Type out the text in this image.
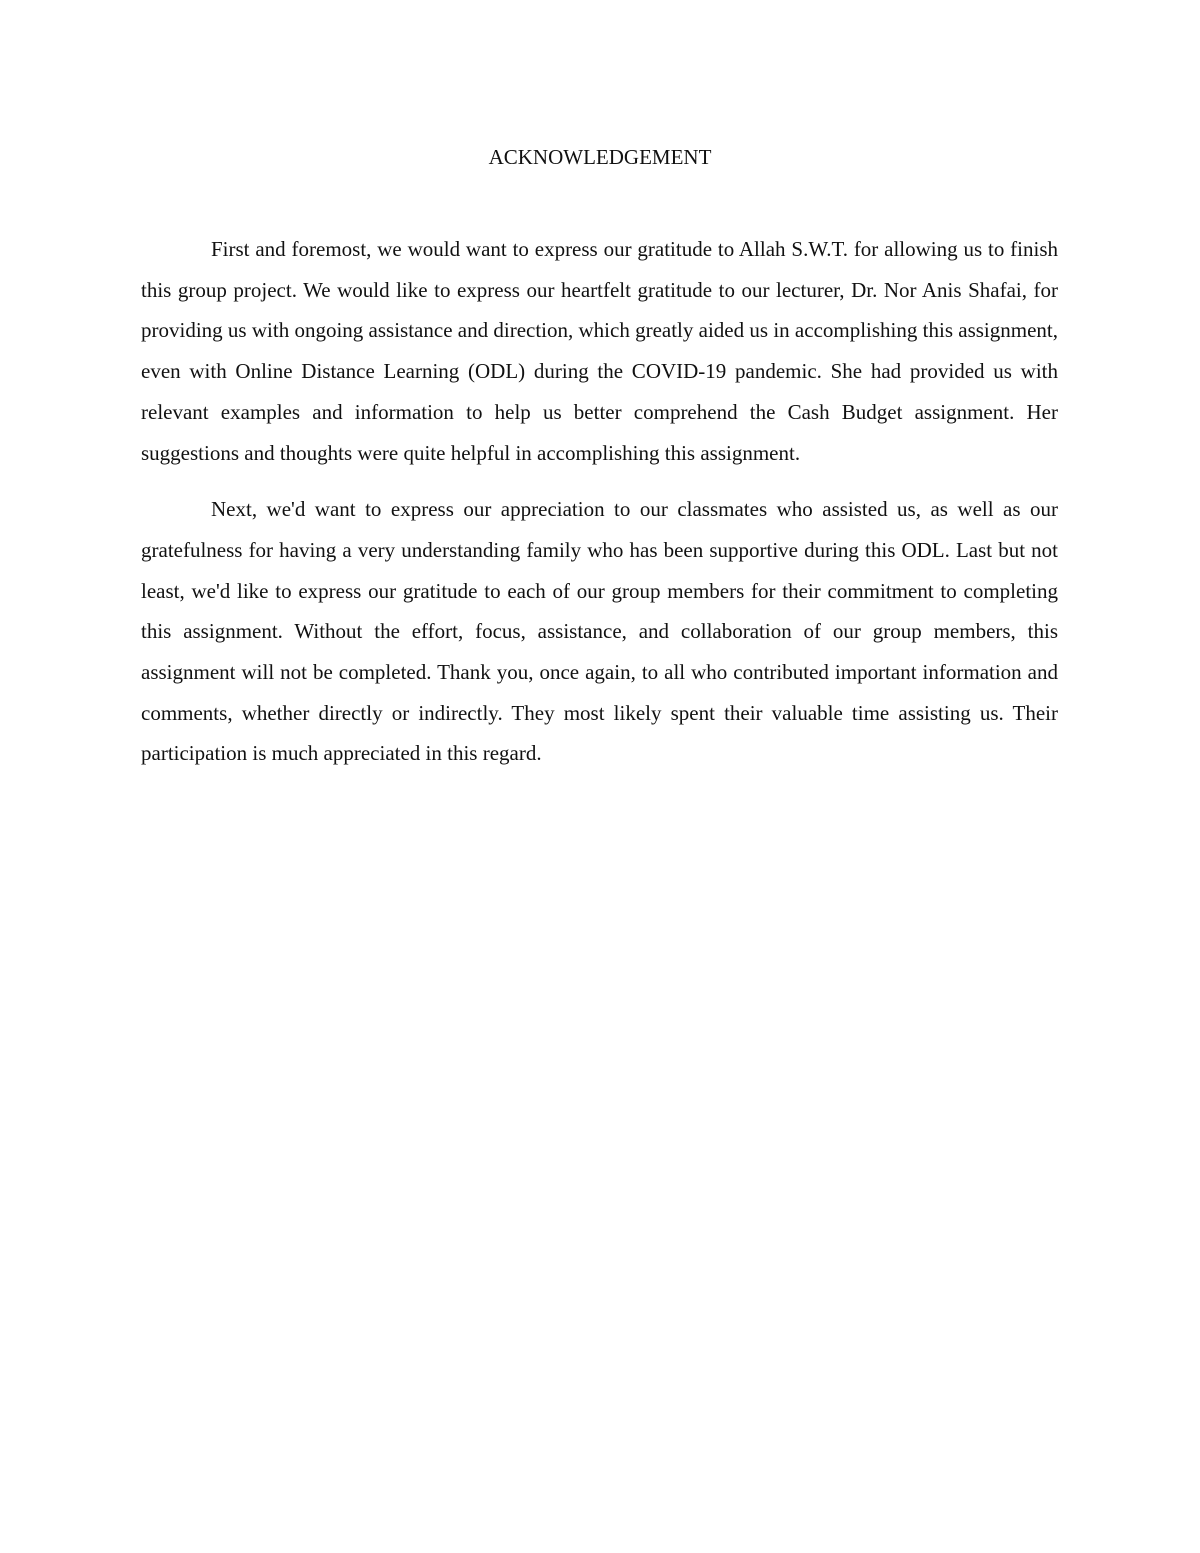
ACKNOWLEDGEMENT

First and foremost, we would want to express our gratitude to Allah S.W.T. for allowing us to finish this group project. We would like to express our heartfelt gratitude to our lecturer, Dr. Nor Anis Shafai, for providing us with ongoing assistance and direction, which greatly aided us in accomplishing this assignment, even with Online Distance Learning (ODL) during the COVID-19 pandemic. She had provided us with relevant examples and information to help us better comprehend the Cash Budget assignment. Her suggestions and thoughts were quite helpful in accomplishing this assignment.

Next, we'd want to express our appreciation to our classmates who assisted us, as well as our gratefulness for having a very understanding family who has been supportive during this ODL. Last but not least, we'd like to express our gratitude to each of our group members for their commitment to completing this assignment. Without the effort, focus, assistance, and collaboration of our group members, this assignment will not be completed. Thank you, once again, to all who contributed important information and comments, whether directly or indirectly. They most likely spent their valuable time assisting us. Their participation is much appreciated in this regard.
